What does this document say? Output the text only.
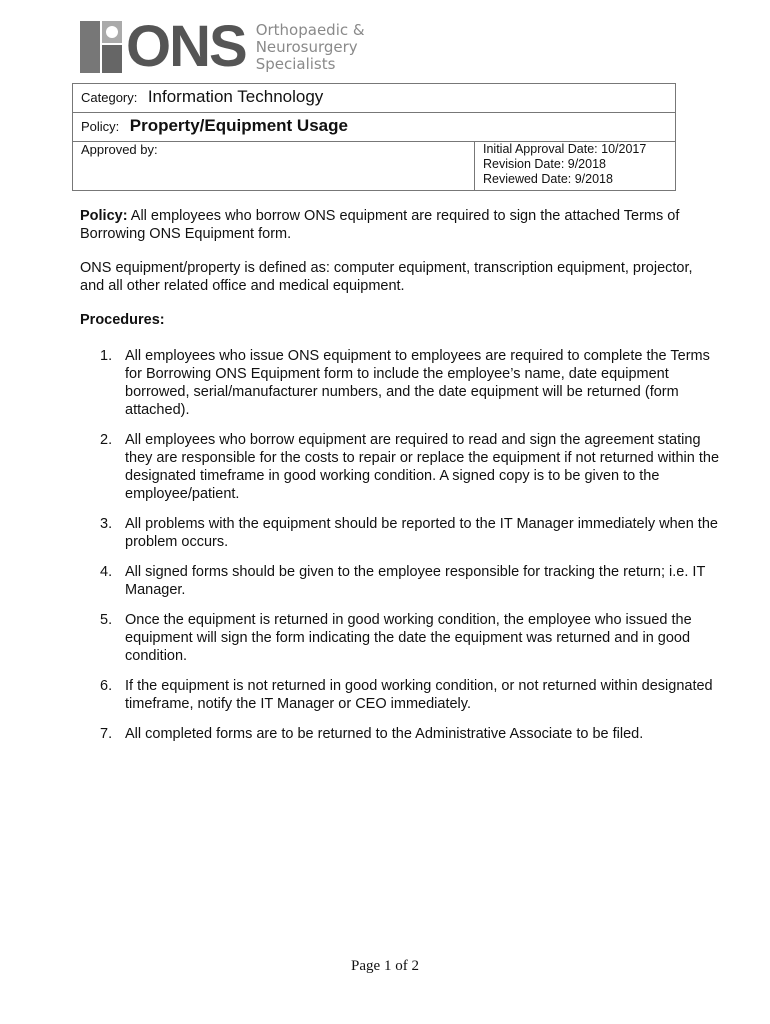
ONS Orthopaedic &
Neurosurgery
Specialists
Category: Information Technology
Policy: Property/Equipment Usage
Approved by:	Initial Approval Date: 10/2017
Revision Date: 9/2018
Reviewed Date: 9/2018

Policy: All employees who borrow ONS equipment are required to sign the attached Terms of Borrowing ONS Equipment form.

ONS equipment/property is defined as: computer equipment, transcription equipment, projector, and all other related office and medical equipment.

Procedures:

1. All employees who issue ONS equipment to employees are required to complete the Terms for Borrowing ONS Equipment form to include the employee’s name, date equipment borrowed, serial/manufacturer numbers, and the date equipment will be returned (form attached).
2. All employees who borrow equipment are required to read and sign the agreement stating they are responsible for the costs to repair or replace the equipment if not returned within the designated timeframe in good working condition. A signed copy is to be given to the employee/patient.
3. All problems with the equipment should be reported to the IT Manager immediately when the problem occurs.
4. All signed forms should be given to the employee responsible for tracking the return; i.e. IT Manager.
5. Once the equipment is returned in good working condition, the employee who issued the equipment will sign the form indicating the date the equipment was returned and in good condition.
6. If the equipment is not returned in good working condition, or not returned within designated timeframe, notify the IT Manager or CEO immediately.
7. All completed forms are to be returned to the Administrative Associate to be filed.
Page 1 of 2
